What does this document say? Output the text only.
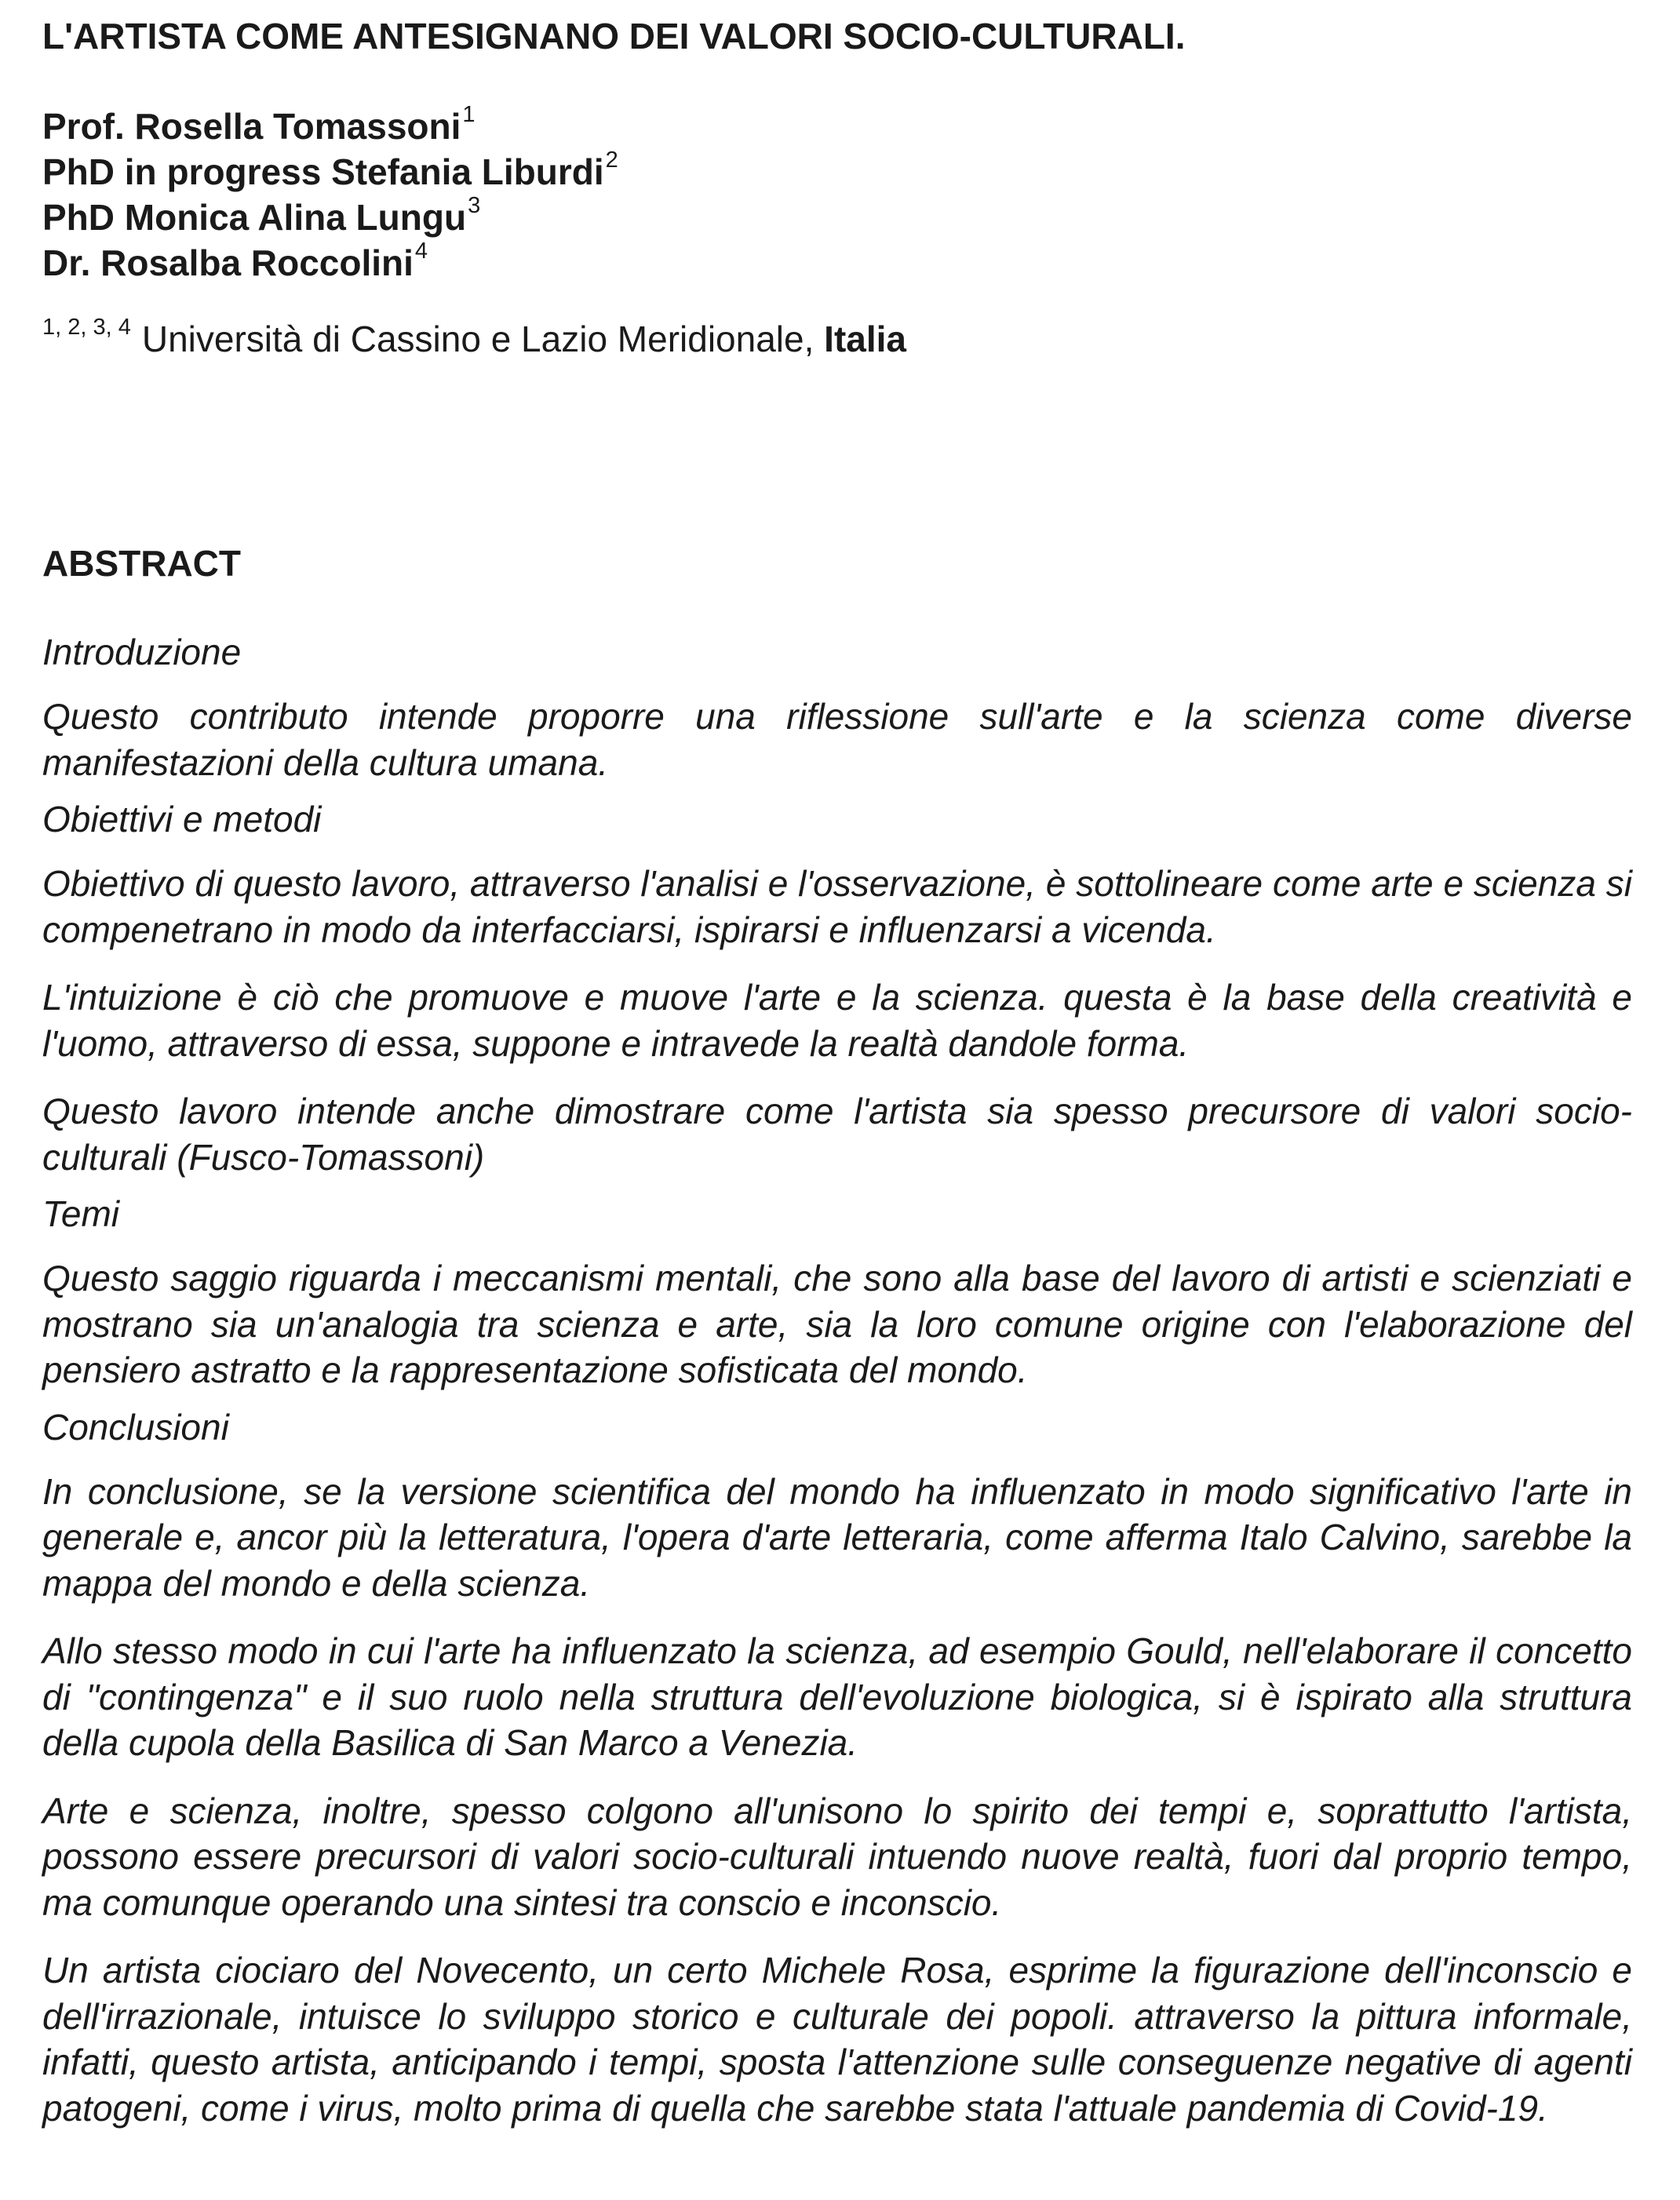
L'ARTISTA COME ANTESIGNANO DEI VALORI SOCIO-CULTURALI.
Prof. Rosella Tomassoni$^1$
PhD in progress Stefania Liburdi$^2$
PhD Monica Alina Lungu$^3$
Dr. Rosalba Roccolini$^4$
$^{1, 2, 3, 4}$ Università di Cassino e Lazio Meridionale, Italia
ABSTRACT
Introduzione
Questo contributo intende proporre una riflessione sull'arte e la scienza come diverse manifestazioni della cultura umana.
Obiettivi e metodi
Obiettivo di questo lavoro, attraverso l'analisi e l'osservazione, è sottolineare come arte e scienza si compenetrano in modo da interfacciarsi, ispirarsi e influenzarsi a vicenda.
L'intuizione è ciò che promuove e muove l'arte e la scienza. questa è la base della creatività e l'uomo, attraverso di essa, suppone e intravede la realtà dandole forma.
Questo lavoro intende anche dimostrare come l'artista sia spesso precursore di valori socio-culturali (Fusco-Tomassoni)
Temi
Questo saggio riguarda i meccanismi mentali, che sono alla base del lavoro di artisti e scienziati e mostrano sia un'analogia tra scienza e arte, sia la loro comune origine con l'elaborazione del pensiero astratto e la rappresentazione sofisticata del mondo.
Conclusioni
In conclusione, se la versione scientifica del mondo ha influenzato in modo significativo l'arte in generale e, ancor più la letteratura, l'opera d'arte letteraria, come afferma Italo Calvino, sarebbe la mappa del mondo e della scienza.
Allo stesso modo in cui l'arte ha influenzato la scienza, ad esempio Gould, nell'elaborare il concetto di "contingenza" e il suo ruolo nella struttura dell'evoluzione biologica, si è ispirato alla struttura della cupola della Basilica di San Marco a Venezia.
Arte e scienza, inoltre, spesso colgono all'unisono lo spirito dei tempi e, soprattutto l'artista, possono essere precursori di valori socio-culturali intuendo nuove realtà, fuori dal proprio tempo, ma comunque operando una sintesi tra conscio e inconscio.
Un artista ciociaro del Novecento, un certo Michele Rosa, esprime la figurazione dell'inconscio e dell'irrazionale, intuisce lo sviluppo storico e culturale dei popoli. attraverso la pittura informale, infatti, questo artista, anticipando i tempi, sposta l'attenzione sulle conseguenze negative di agenti patogeni, come i virus, molto prima di quella che sarebbe stata l'attuale pandemia di Covid-19.
